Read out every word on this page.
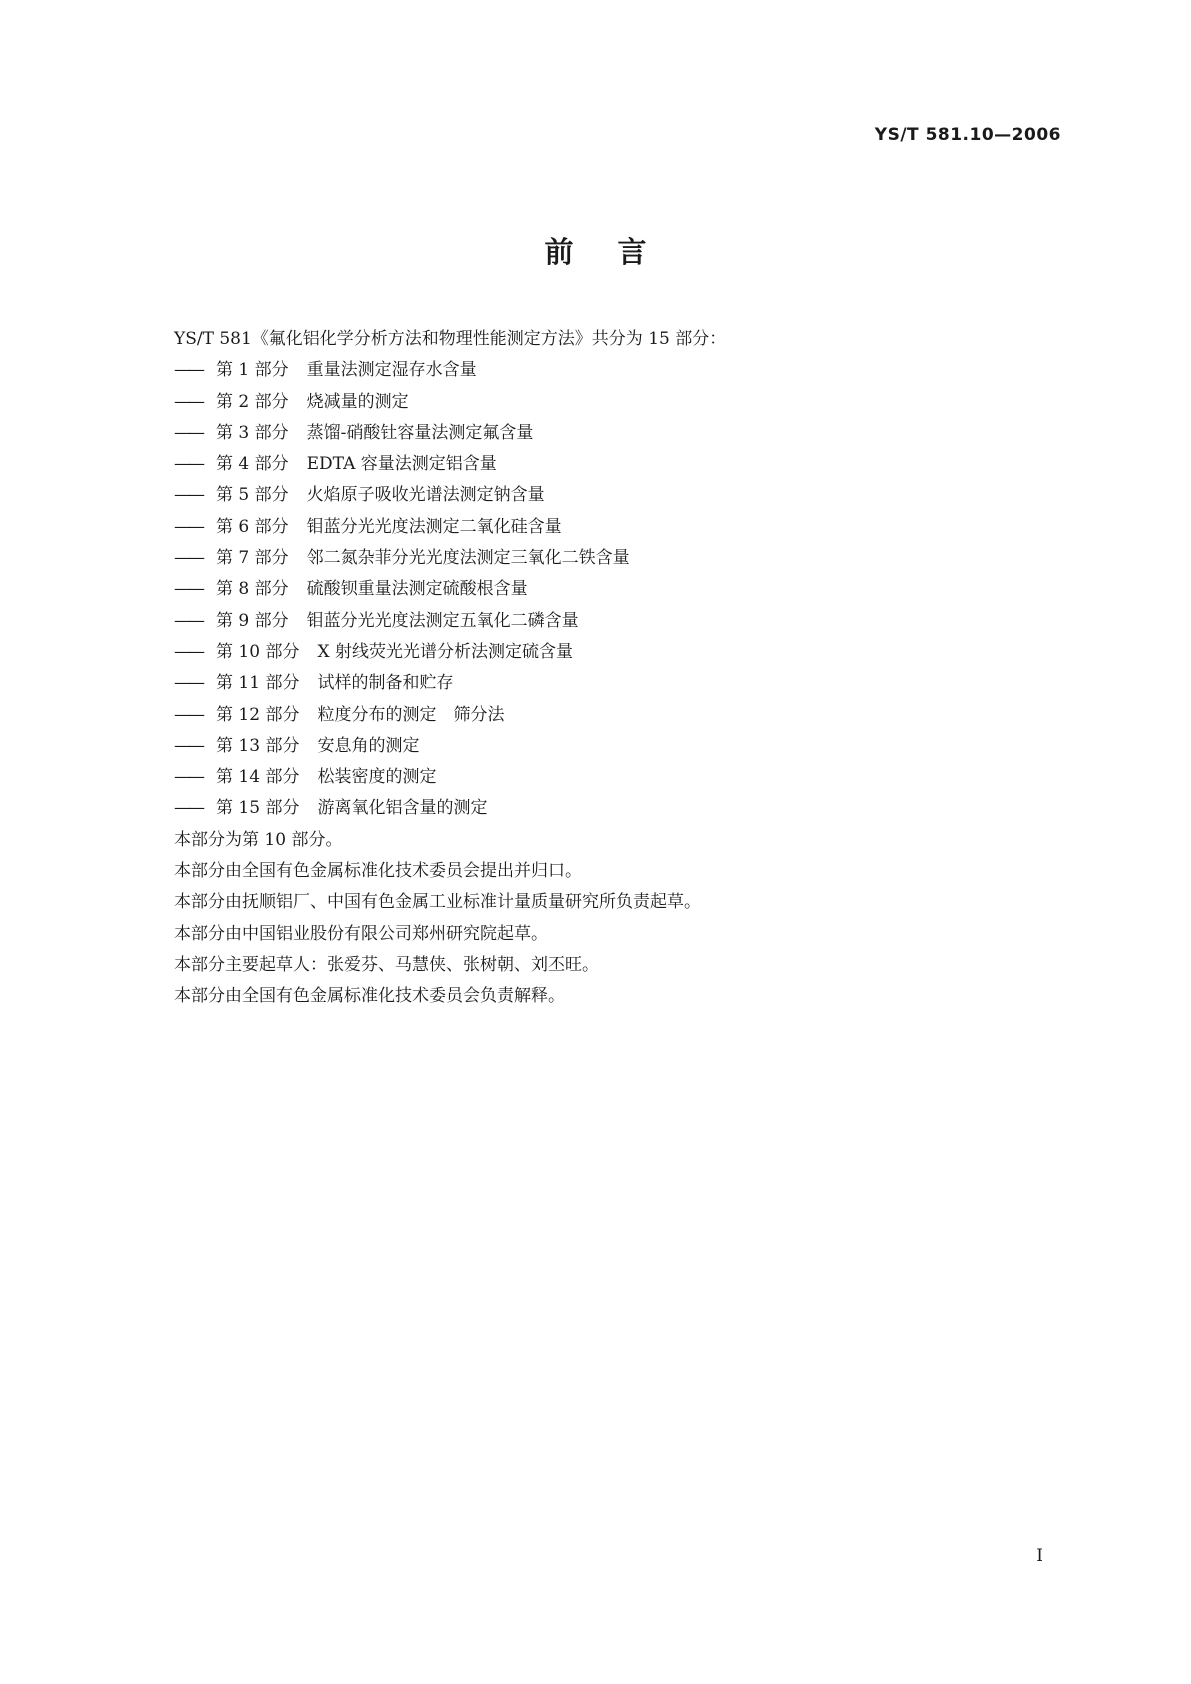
YS/T 581.10—2006
前言

YS/T 581《氟化铝化学分析方法和物理性能测定方法》共分为 15 部分：

—— 第 1 部分 重量法测定湿存水含量
—— 第 2 部分 烧减量的测定
—— 第 3 部分 蒸馏-硝酸钍容量法测定氟含量
—— 第 4 部分 EDTA 容量法测定铝含量
—— 第 5 部分 火焰原子吸收光谱法测定钠含量
—— 第 6 部分 钼蓝分光光度法测定二氧化硅含量
—— 第 7 部分 邻二氮杂菲分光光度法测定三氧化二铁含量
—— 第 8 部分 硫酸钡重量法测定硫酸根含量
—— 第 9 部分 钼蓝分光光度法测定五氧化二磷含量
—— 第 10 部分 X 射线荧光光谱分析法测定硫含量
—— 第 11 部分 试样的制备和贮存
—— 第 12 部分 粒度分布的测定　筛分法
—— 第 13 部分 安息角的测定
—— 第 14 部分 松装密度的测定
—— 第 15 部分 游离氧化铝含量的测定

本部分为第 10 部分。

本部分由全国有色金属标准化技术委员会提出并归口。

本部分由抚顺铝厂、中国有色金属工业标准计量质量研究所负责起草。

本部分由中国铝业股份有限公司郑州研究院起草。

本部分主要起草人：张爱芬、马慧侠、张树朝、刘丕旺。

本部分由全国有色金属标准化技术委员会负责解释。

I
